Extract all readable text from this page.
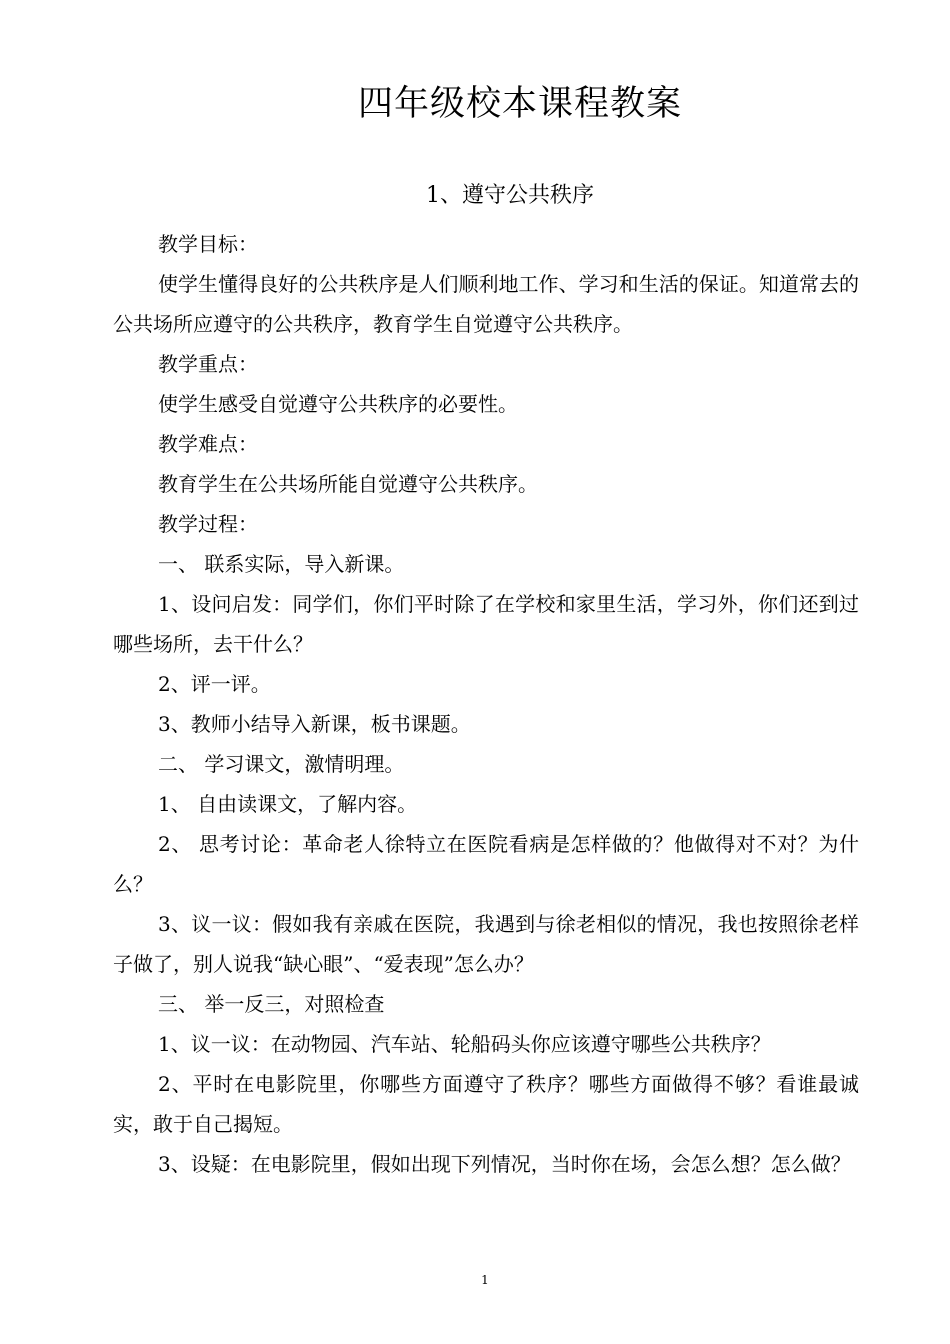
四年级校本课程教案
1、遵守公共秩序

教学目标：

使学生懂得良好的公共秩序是人们顺利地工作、学习和生活的保证。知道常去的公共场所应遵守的公共秩序，教育学生自觉遵守公共秩序。

教学重点：

使学生感受自觉遵守公共秩序的必要性。

教学难点：

教育学生在公共场所能自觉遵守公共秩序。

教学过程：

一、 联系实际，导入新课。

1、设问启发：同学们，你们平时除了在学校和家里生活，学习外，你们还到过哪些场所，去干什么？

2、评一评。

3、教师小结导入新课，板书课题。

二、 学习课文，激情明理。

1、 自由读课文，了解内容。

2、 思考讨论：革命老人徐特立在医院看病是怎样做的？他做得对不对？为什么？

3、议一议：假如我有亲戚在医院，我遇到与徐老相似的情况，我也按照徐老样子做了，别人说我“缺心眼”、“爱表现”怎么办？

三、 举一反三，对照检查

1、议一议：在动物园、汽车站、轮船码头你应该遵守哪些公共秩序？

2、平时在电影院里，你哪些方面遵守了秩序？哪些方面做得不够？看谁最诚实，敢于自己揭短。

3、设疑：在电影院里，假如出现下列情况，当时你在场，会怎么想？怎么做？

1
